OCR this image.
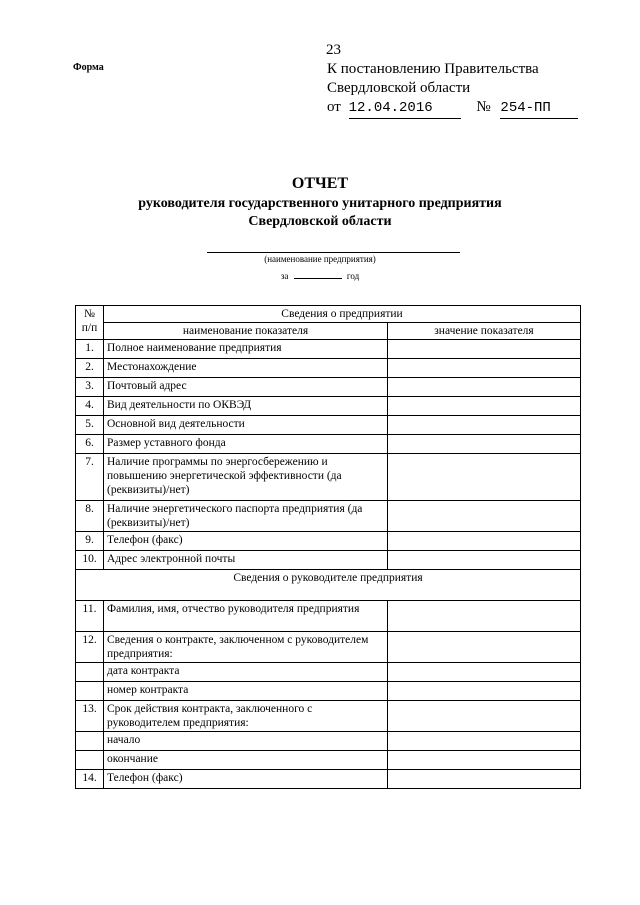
23
Форма	К постановлению Правительства
Свердловской области
от 12.04.2016	№ 254-ПП
ОТЧЕТ
руководителя государственного унитарного предприятия
Свердловской области
(наименование предприятия)
за	год
№ п/п	Сведения о предприятии	
	наименование показателя	значение показателя
1.	Полное наименование предприятия	
2.	Местонахождение	
3.	Почтовый адрес	
4.	Вид деятельности по ОКВЭД	
5.	Основной вид деятельности	
6.	Размер уставного фонда	
7.	Наличие программы по энергосбережению и повышению энергетической эффективности (да (реквизиты)/нет)	
8.	Наличие энергетического паспорта предприятия (да (реквизиты)/нет)	
9.	Телефон (факс)	
10.	Адрес электронной почты	
Сведения о руководителе предприятия		
11.	Фамилия, имя, отчество руководителя предприятия	
12.	Сведения о контракте, заключенном с руководителем предприятия:	
	дата контракта	
	номер контракта	
13.	Срок действия контракта, заключенного с руководителем предприятия:	
	начало	
	окончание	
14.	Телефон (факс)	
